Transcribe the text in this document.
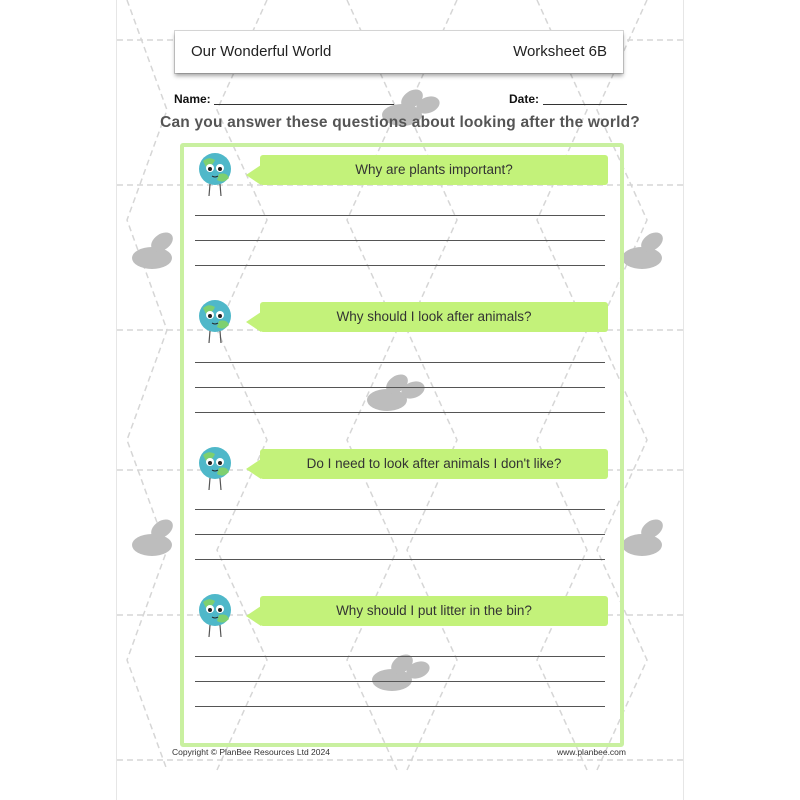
Our Wonderful World	Worksheet 6B
Name:	Date:
Can you answer these questions about looking after the world?
Why are plants important?
Why should I look after animals?
Do I need to look after animals I don't like?
Why should I put litter in the bin?
Copyright © PlanBee Resources Ltd 2024	www.planbee.com
